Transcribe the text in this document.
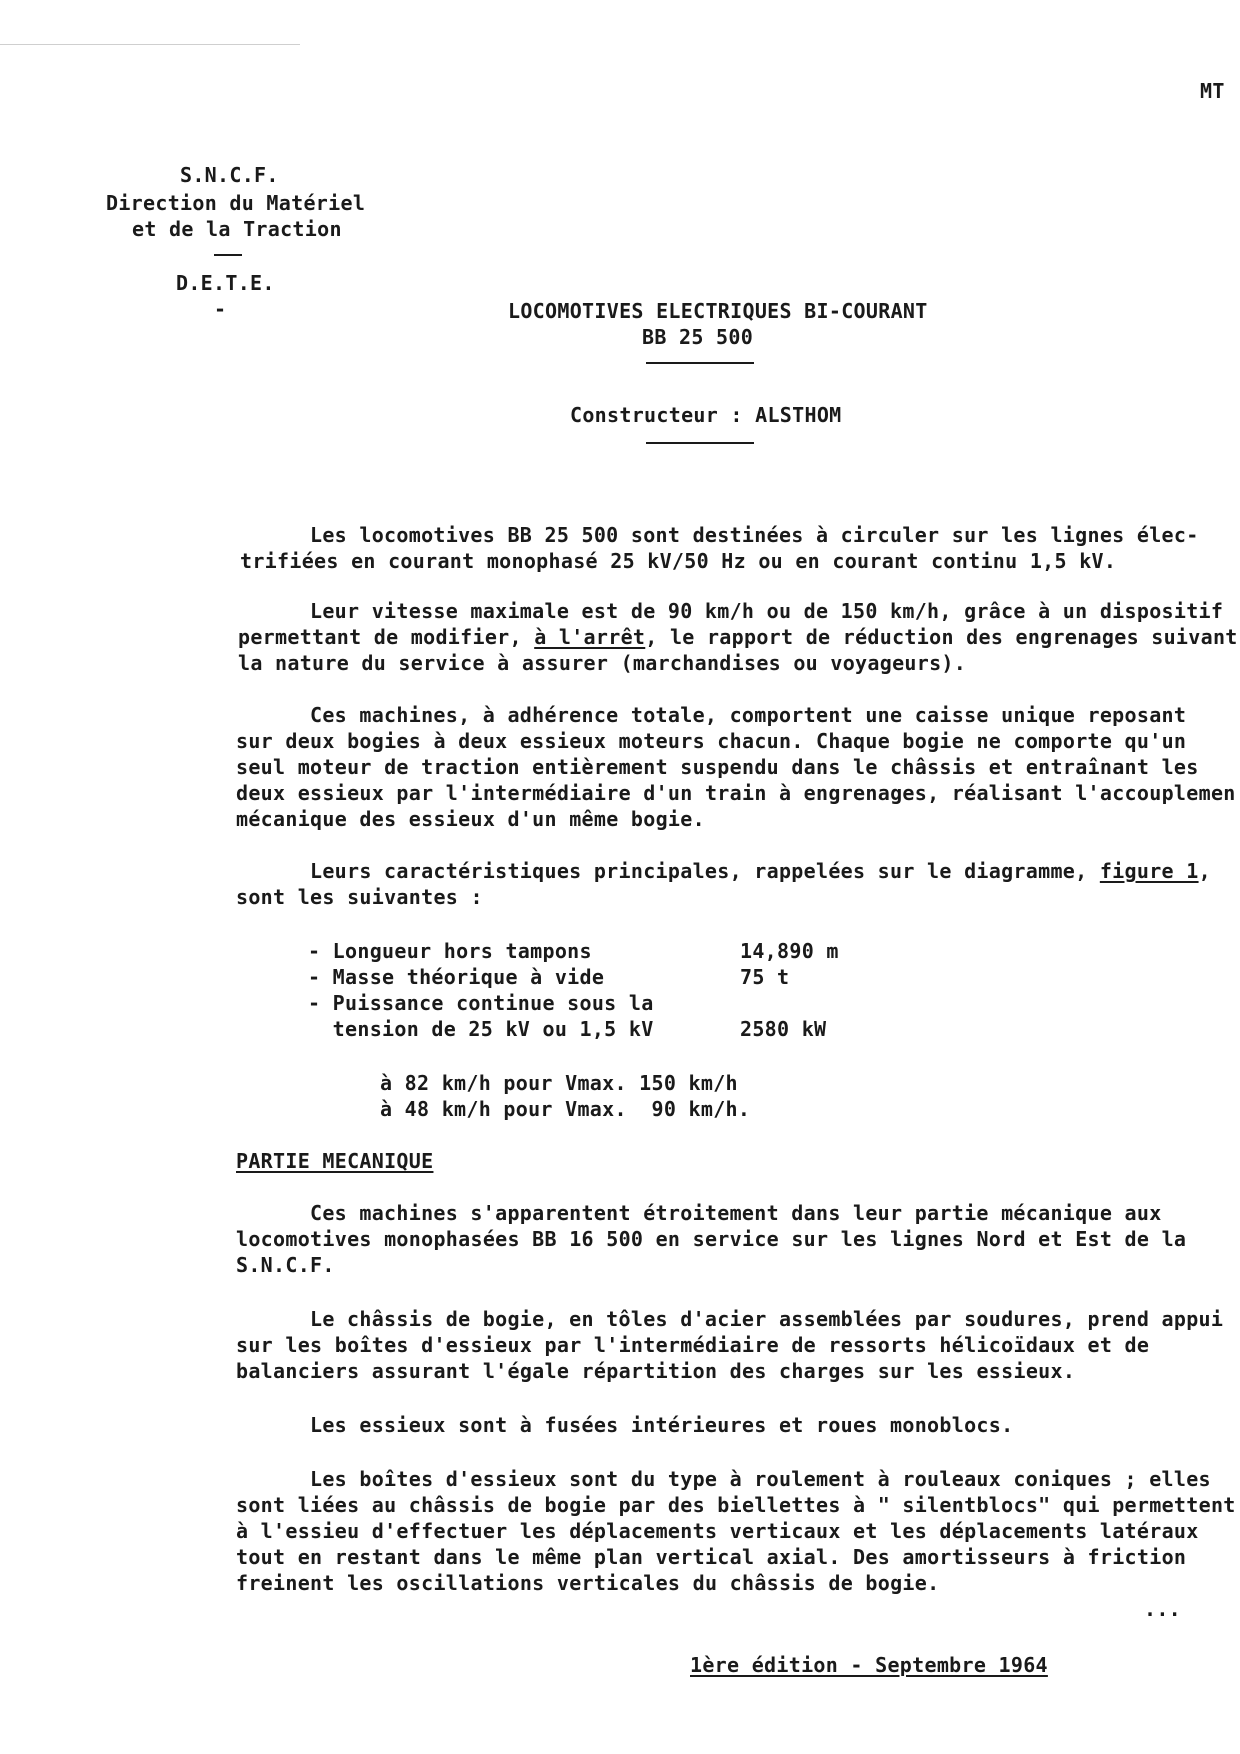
MT
S.N.C.F.
Direction du Matériel
et de la Traction
D.E.T.E.
-	LOCOMOTIVES ELECTRIQUES BI-COURANT
BB 25 500
Constructeur : ALSTHOM
Les locomotives BB 25 500 sont destinées à circuler sur les lignes élec-
trifiées en courant monophasé 25 kV/50 Hz ou en courant continu 1,5 kV.
Leur vitesse maximale est de 90 km/h ou de 150 km/h, grâce à un dispositif
permettant de modifier, à l'arrêt, le rapport de réduction des engrenages suivant
la nature du service à assurer (marchandises ou voyageurs).
Ces machines, à adhérence totale, comportent une caisse unique reposant
sur deux bogies à deux essieux moteurs chacun. Chaque bogie ne comporte qu'un
seul moteur de traction entièrement suspendu dans le châssis et entraînant les
deux essieux par l'intermédiaire d'un train à engrenages, réalisant l'accouplemen
mécanique des essieux d'un même bogie.
Leurs caractéristiques principales, rappelées sur le diagramme, figure 1,
sont les suivantes :
- Longueur hors tampons	14,890 m
- Masse théorique à vide	75 t
- Puissance continue sous la
tension de 25 kV ou 1,5 kV	2580 kW
à 82 km/h pour Vmax. 150 km/h
à 48 km/h pour Vmax.  90 km/h.
PARTIE MECANIQUE
Ces machines s'apparentent étroitement dans leur partie mécanique aux
locomotives monophasées BB 16 500 en service sur les lignes Nord et Est de la
S.N.C.F.
Le châssis de bogie, en tôles d'acier assemblées par soudures, prend appui
sur les boîtes d'essieux par l'intermédiaire de ressorts hélicoïdaux et de
balanciers assurant l'égale répartition des charges sur les essieux.
Les essieux sont à fusées intérieures et roues monoblocs.
Les boîtes d'essieux sont du type à roulement à rouleaux coniques ; elles
sont liées au châssis de bogie par des biellettes à " silentblocs" qui permettent
à l'essieu d'effectuer les déplacements verticaux et les déplacements latéraux
tout en restant dans le même plan vertical axial. Des amortisseurs à friction
freinent les oscillations verticales du châssis de bogie.
...
1ère édition - Septembre 1964
